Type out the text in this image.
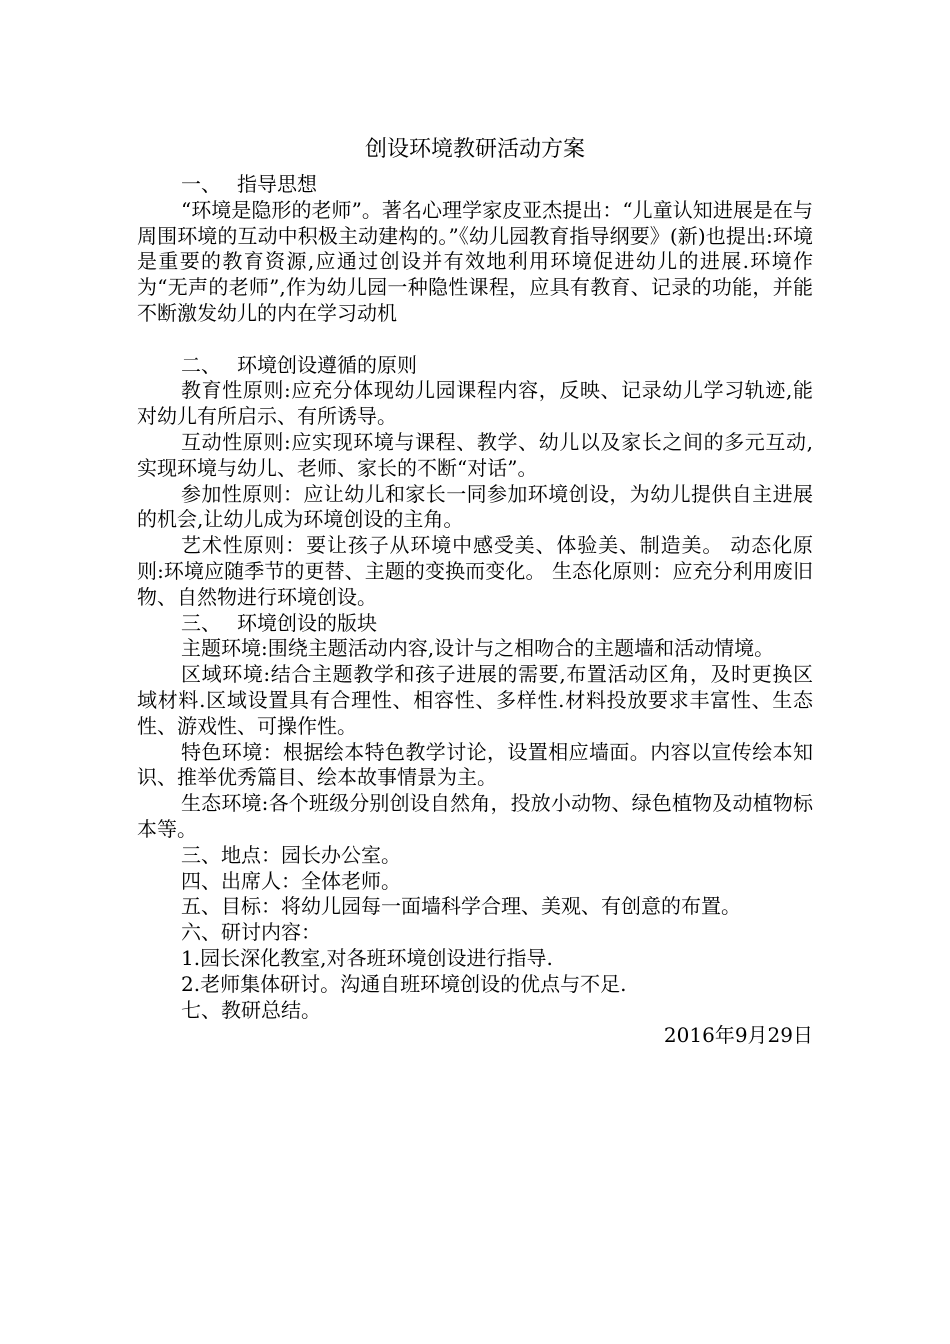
创设环境教研活动方案

一、 指导思想

“环境是隐形的老师”。著名心理学家皮亚杰提出：“儿童认知进展是在与周围环境的互动中积极主动建构的。”《幼儿园教育指导纲要》(新)也提出:环境是重要的教育资源,应通过创设并有效地利用环境促进幼儿的进展.环境作为“无声的老师”,作为幼儿园一种隐性课程，应具有教育、记录的功能，并能不断激发幼儿的内在学习动机

二、 环境创设遵循的原则

教育性原则:应充分体现幼儿园课程内容，反映、记录幼儿学习轨迹,能对幼儿有所启示、有所诱导。

互动性原则:应实现环境与课程、教学、幼儿以及家长之间的多元互动,实现环境与幼儿、老师、家长的不断“对话”。

参加性原则：应让幼儿和家长一同参加环境创设，为幼儿提供自主进展的机会,让幼儿成为环境创设的主角。

艺术性原则：要让孩子从环境中感受美、体验美、制造美。 动态化原则:环境应随季节的更替、主题的变换而变化。 生态化原则：应充分利用废旧物、自然物进行环境创设。

三、 环境创设的版块

主题环境:围绕主题活动内容,设计与之相吻合的主题墙和活动情境。

区域环境:结合主题教学和孩子进展的需要,布置活动区角，及时更换区域材料.区域设置具有合理性、相容性、多样性.材料投放要求丰富性、生态性、游戏性、可操作性。

特色环境：根据绘本特色教学讨论，设置相应墙面。内容以宣传绘本知识、推举优秀篇目、绘本故事情景为主。

生态环境:各个班级分别创设自然角，投放小动物、绿色植物及动植物标本等。

三、地点：园长办公室。

四、出席人：全体老师。

五、目标：将幼儿园每一面墙科学合理、美观、有创意的布置。

六、研讨内容：

1.园长深化教室,对各班环境创设进行指导.

2.老师集体研讨。沟通自班环境创设的优点与不足.

七、教研总结。

2016年9月29日
